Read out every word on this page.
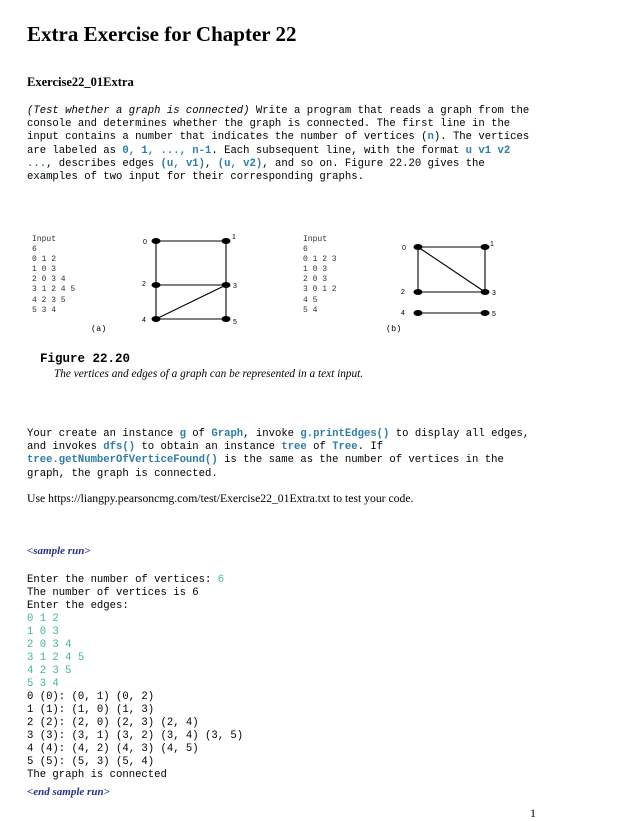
Extra Exercise for Chapter 22
Exercise22_01Extra
(Test whether a graph is connected) Write a program that reads a graph from the console and determines whether the graph is connected. The first line in the input contains a number that indicates the number of vertices (n). The vertices are labeled as 0, 1, ..., n-1. Each subsequent line, with the format u v1 v2 ..., describes edges (u, v1), (u, v2), and so on. Figure 22.20 gives the examples of two input for their corresponding graphs.
Input
6
0 1 2
1 0 3
2 0 3 4
3 1 2 4 5
4 2 3 5
5 3 4
(a)
0
1
2	3
4	5
Input
6
0 1 2 3
1 0 3
2 0 3
3 0 1 2
4 5
5 4
(b)
0
1
2	3
4	5
Figure 22.20
The vertices and edges of a graph can be represented in a text input.
Your create an instance g of Graph, invoke g.printEdges() to display all edges, and invokes dfs() to obtain an instance tree of Tree. If tree.getNumberOfVerticeFound() is the same as the number of vertices in the graph, the graph is connected.
Use https://liangpy.pearsoncmg.com/test/Exercise22_01Extra.txt to test your code.
<sample run>
Enter the number of vertices: 6
The number of vertices is 6
Enter the edges:
0 1 2
1 0 3
2 0 3 4
3 1 2 4 5
4 2 3 5
5 3 4
0 (0): (0, 1) (0, 2)
1 (1): (1, 0) (1, 3)
2 (2): (2, 0) (2, 3) (2, 4)
3 (3): (3, 1) (3, 2) (3, 4) (3, 5)
4 (4): (4, 2) (4, 3) (4, 5)
5 (5): (5, 3) (5, 4)
The graph is connected
<end sample run>
1
